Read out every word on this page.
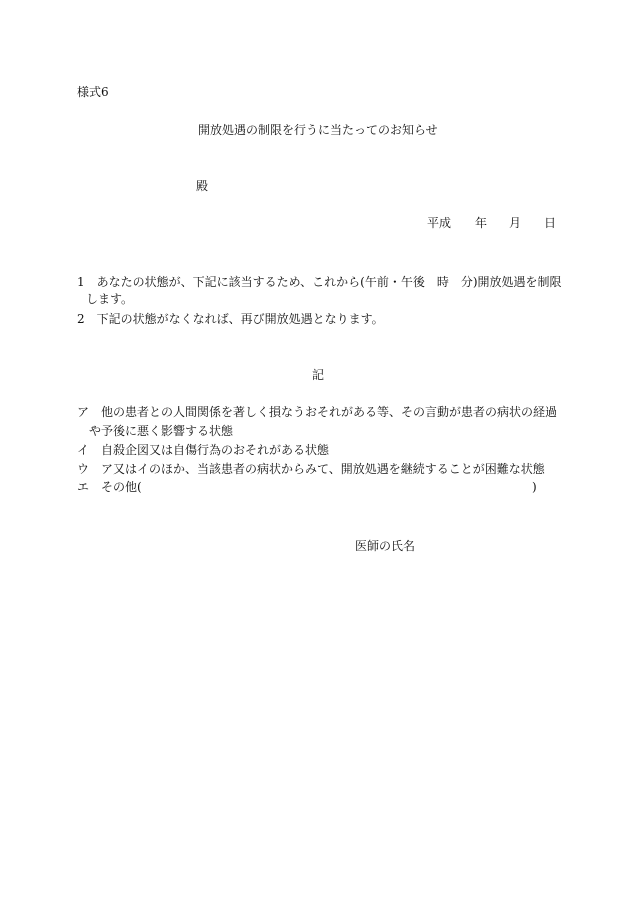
様式6
開放処遇の制限を行うに当たってのお知らせ
殿
平成 年 月 日
1　あなたの状態が、下記に該当するため、これから(午前・午後　時　分)開放処遇を制限
します。
2　下記の状態がなくなれば、再び開放処遇となります。
記
ア　他の患者との人間関係を著しく損なうおそれがある等、その言動が患者の病状の経過
や予後に悪く影響する状態
イ　自殺企図又は自傷行為のおそれがある状態
ウ　ア又はイのほか、当該患者の病状からみて、開放処遇を継続することが困難な状態
エ　その他(	)
医師の氏名
